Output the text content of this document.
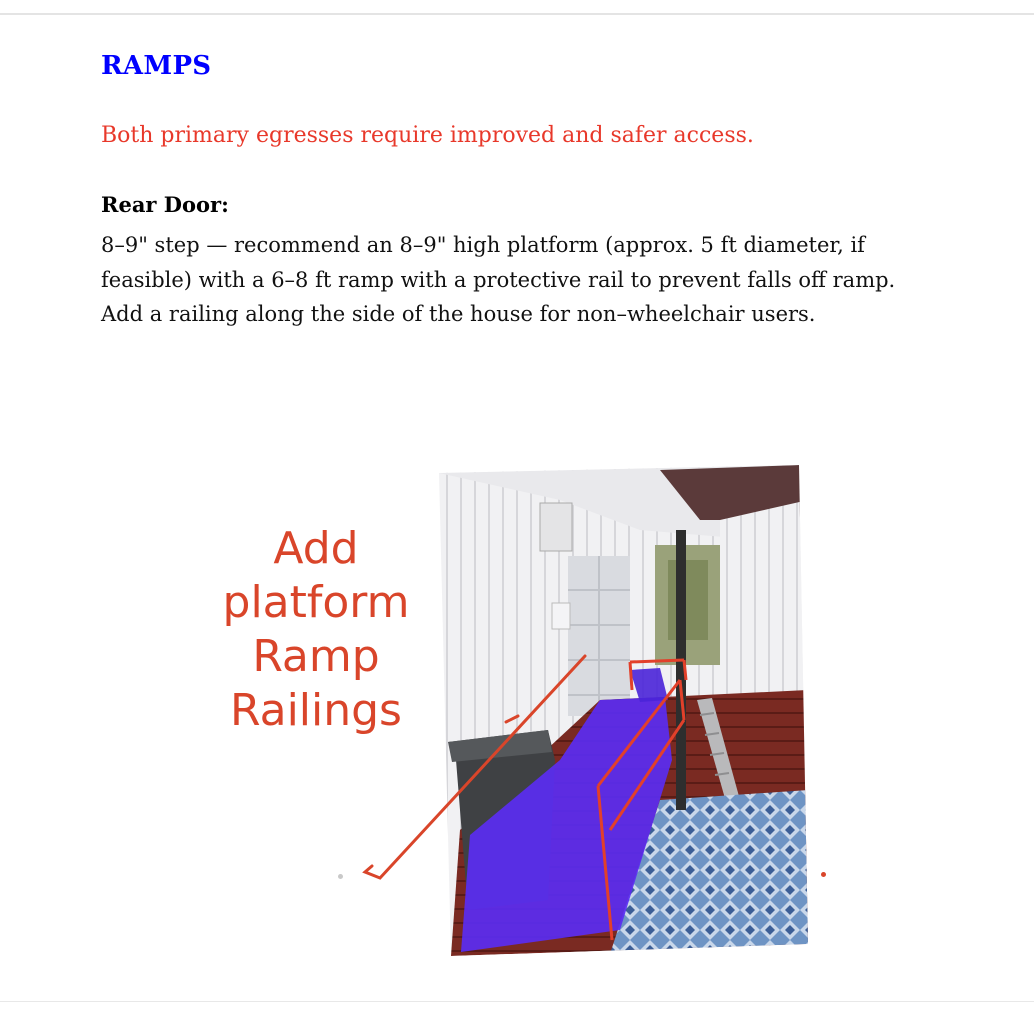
RAMPS

Both primary egresses require improved and safer access.

Rear Door:

8–9" step — recommend an 8–9" high platform (approx. 5 ft diameter, if
feasible) with a 6–8 ft ramp with a protective rail to prevent falls off ramp.
Add a railing along the side of the house for non–wheelchair users.

Add
platform
Ramp
Railings
